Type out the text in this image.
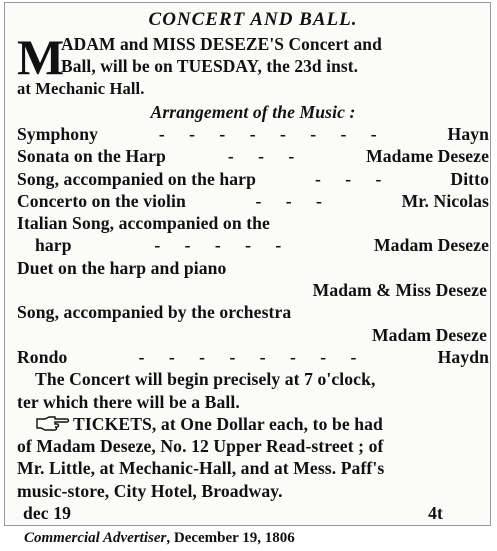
CONCERT AND BALL.
M
ADAM and MISS DESEZE'S Concert and
Ball, will be on TUESDAY, the 23d inst.
at Mechanic Hall.
Arrangement of the Music :
Symphony	- - - - - - - -	Hayn
Sonata on the Harp	- - -	Madame Deseze
Song, accompanied on the harp	- - -	Ditto
Concerto on the violin	- - -	Mr. Nicolas
Italian Song, accompanied on the
harp	- - - - -	Madam Deseze
Duet on the harp and piano
Madam & Miss Deseze
Song, accompanied by the orchestra
Madam Deseze
Rondo	- - - - - - - -	Haydn
The Concert will begin precisely at 7 o'clock,
ter which there will be a Ball.
TICKETS, at One Dollar each, to be had
of Madam Deseze, No. 12 Upper Read-street ; of
Mr. Little, at Mechanic-Hall, and at Mess. Paff's
music-store, City Hotel, Broadway.
dec 19	4t
Commercial Advertiser, December 19, 1806
